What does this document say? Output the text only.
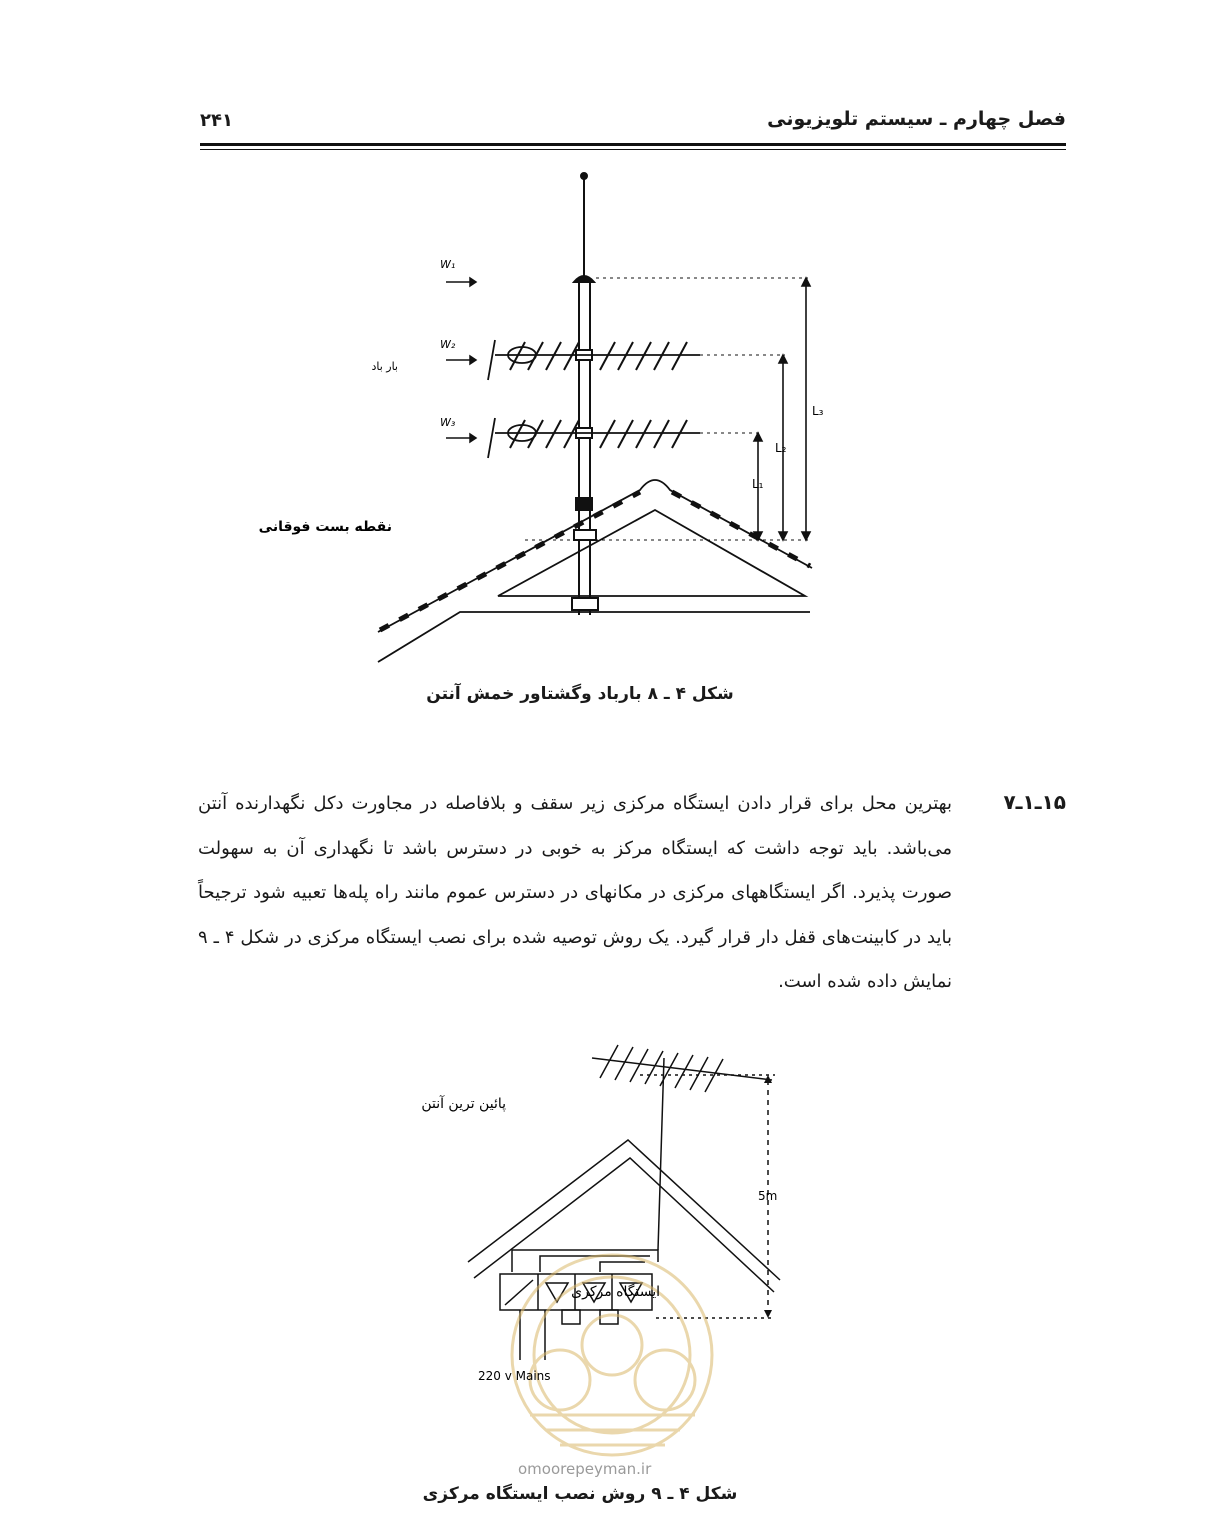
فصل چهارم ـ سیستم تلویزیونی
۲۴۱
W₁
W₂
W₃
بار باد
L₃
L₂
L₁
نقطه بست فوقانی
شکل ۴ ـ ۸ بارباد وگشتاور خمش آنتن
۱۵ـ۱ـ۷
بهترین محل برای قرار دادن ایستگاه مرکزی زیر سقف و بلافاصله در مجاورت دکل نگهدارنده آنتن می‌باشد. باید توجه داشت که ایستگاه مرکز به خوبی در دسترس باشد تا نگهداری آن به سهولت صورت پذیرد. اگر ایستگاههای مرکزی در مکانهای در دسترس عموم مانند راه پله‌ها تعبیه شود ترجیحاً باید در کابینت‌های قفل دار قرار گیرد. یک روش توصیه شده برای نصب ایستگاه مرکزی در شکل ۴ ـ ۹ نمایش داده شده است.
پائین ترین آنتن
5m
ایستگاه مرکزی
220 v Mains
omoorepeyman.ir
شکل ۴ ـ ۹ روش نصب ایستگاه مرکزی
